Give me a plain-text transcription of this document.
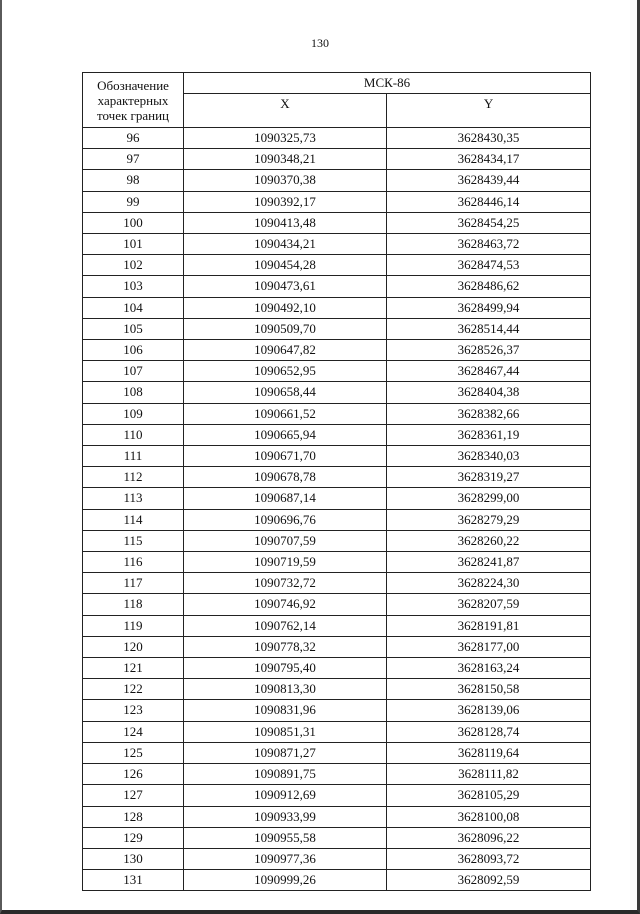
130
Обозначение характерных точек границ	МСК-86	
	X	Y
96	1090325,73	3628430,35
97	1090348,21	3628434,17
98	1090370,38	3628439,44
99	1090392,17	3628446,14
100	1090413,48	3628454,25
101	1090434,21	3628463,72
102	1090454,28	3628474,53
103	1090473,61	3628486,62
104	1090492,10	3628499,94
105	1090509,70	3628514,44
106	1090647,82	3628526,37
107	1090652,95	3628467,44
108	1090658,44	3628404,38
109	1090661,52	3628382,66
110	1090665,94	3628361,19
111	1090671,70	3628340,03
112	1090678,78	3628319,27
113	1090687,14	3628299,00
114	1090696,76	3628279,29
115	1090707,59	3628260,22
116	1090719,59	3628241,87
117	1090732,72	3628224,30
118	1090746,92	3628207,59
119	1090762,14	3628191,81
120	1090778,32	3628177,00
121	1090795,40	3628163,24
122	1090813,30	3628150,58
123	1090831,96	3628139,06
124	1090851,31	3628128,74
125	1090871,27	3628119,64
126	1090891,75	3628111,82
127	1090912,69	3628105,29
128	1090933,99	3628100,08
129	1090955,58	3628096,22
130	1090977,36	3628093,72
131	1090999,26	3628092,59
